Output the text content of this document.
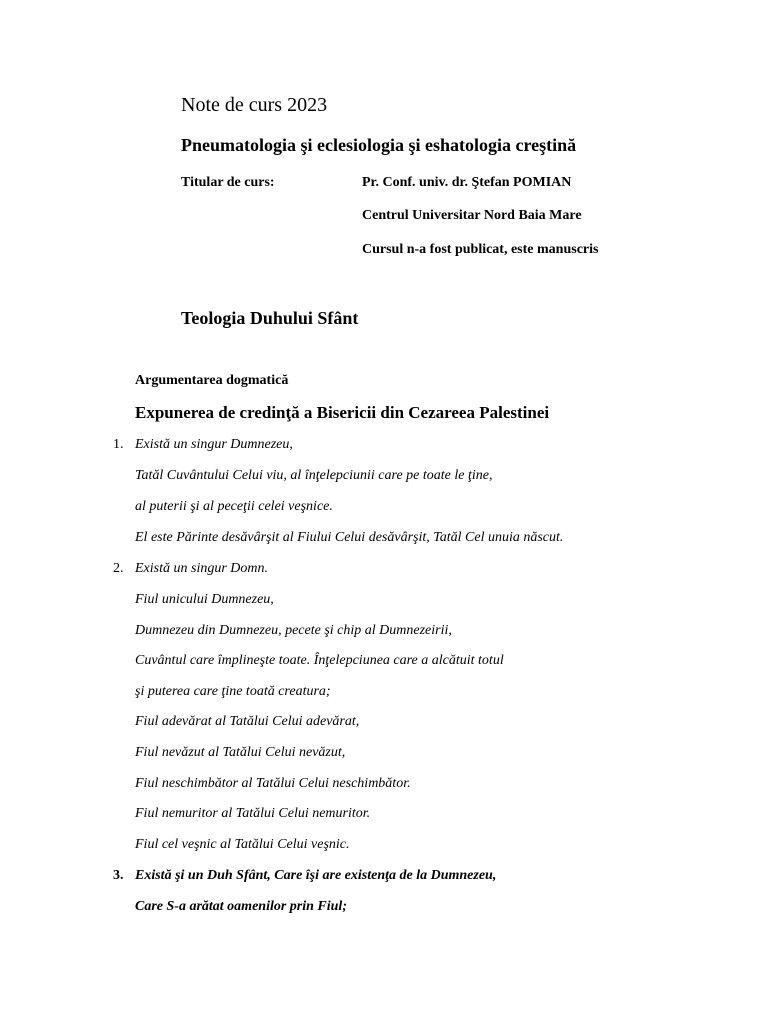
Note de curs 2023
Pneumatologia şi eclesiologia şi eshatologia creştină
Titular de curs:	Pr. Conf. univ. dr. Ştefan POMIAN
Centrul Universitar Nord Baia Mare
Cursul n-a fost publicat, este manuscris
Teologia Duhului Sfânt
Argumentarea dogmatică
Expunerea de credinţă a Bisericii din Cezareea Palestinei
1. Există un singur Dumnezeu,
Tatăl Cuvântului Celui viu, al înţelepciunii care pe toate le ţine,
al puterii şi al peceţii celei veşnice.
El este Părinte desăvârşit al Fiului Celui desăvârşit, Tatăl Cel unuia născut.
2. Există un singur Domn.
Fiul unicului Dumnezeu,
Dumnezeu din Dumnezeu, pecete şi chip al Dumnezeirii,
Cuvântul care împlineşte toate. Înţelepciunea care a alcătuit totul
şi puterea care ţine toată creatura;
Fiul adevărat al Tatălui Celui adevărat,
Fiul nevăzut al Tatălui Celui nevăzut,
Fiul neschimbător al Tatălui Celui neschimbător.
Fiul nemuritor al Tatălui Celui nemuritor.
Fiul cel veşnic al Tatălui Celui veşnic.
3. Există şi un Duh Sfânt, Care îşi are existenţa de la Dumnezeu,
Care S-a arătat oamenilor prin Fiul;
